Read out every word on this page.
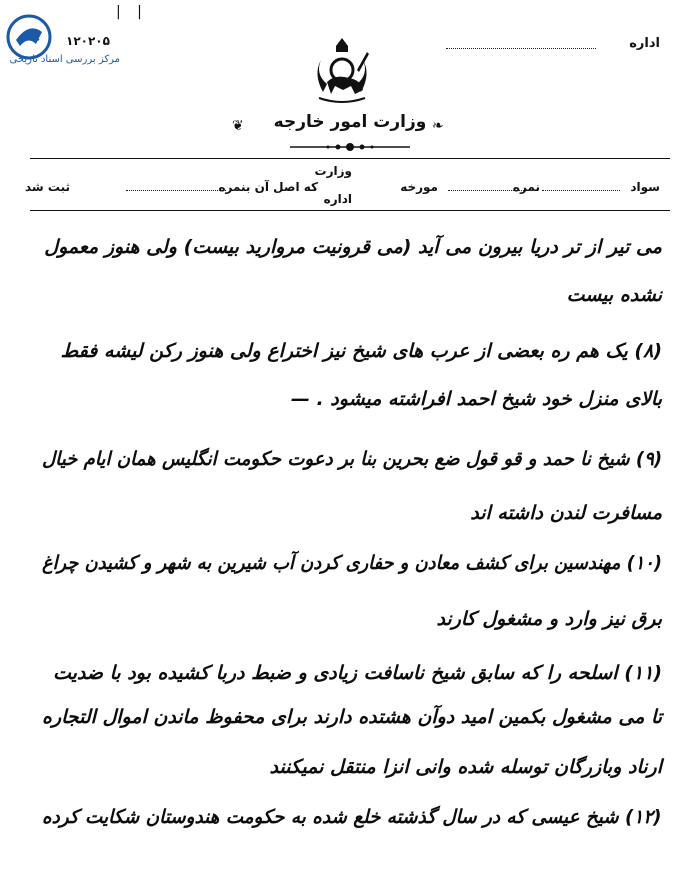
مرکز بررسی اسناد تاریخی
۱۲۰۲۰۵
| |
اداره
❦	وزارت امور خارجه ❧
سواد
نمره
مورخه
وزارت
اداره
که اصل آن بنمره
ثبت شد
می تیر از تر دریا بیرون می آید (می قرونیت مروارید بیست) ولی هنوز معمول
نشده بیست
(۸) یک هم ره بعضی از عرب های شیخ نیز اختراع ولی هنوز رکن لیشه فقط
بالای منزل خود شیخ احمد افراشته میشود . —
(۹) شیخ نا حمد و قو قول ضع بحرین بنا بر دعوت حکومت انگلیس همان ایام خیال
مسافرت لندن داشته اند
(۱۰) مهندسین برای کشف معادن و حفاری کردن آب شیرین به شهر و کشیدن چراغ
برق نیز وارد و مشغول کارند
(۱۱) اسلحه را که سابق شیخ ناسافت زیادی و ضبط دربا کشیده بود با ضدیت
تا می مشغول بکمین امید دوآن هشتده دارند برای محفوظ ماندن اموال التجاره
ارناد وبازرگان توسله شده وانی انزا منتقل نمیکنند
(۱۲) شیخ عیسی که در سال گذشته خلع شده به حکومت هندوستان شکایت کرده
